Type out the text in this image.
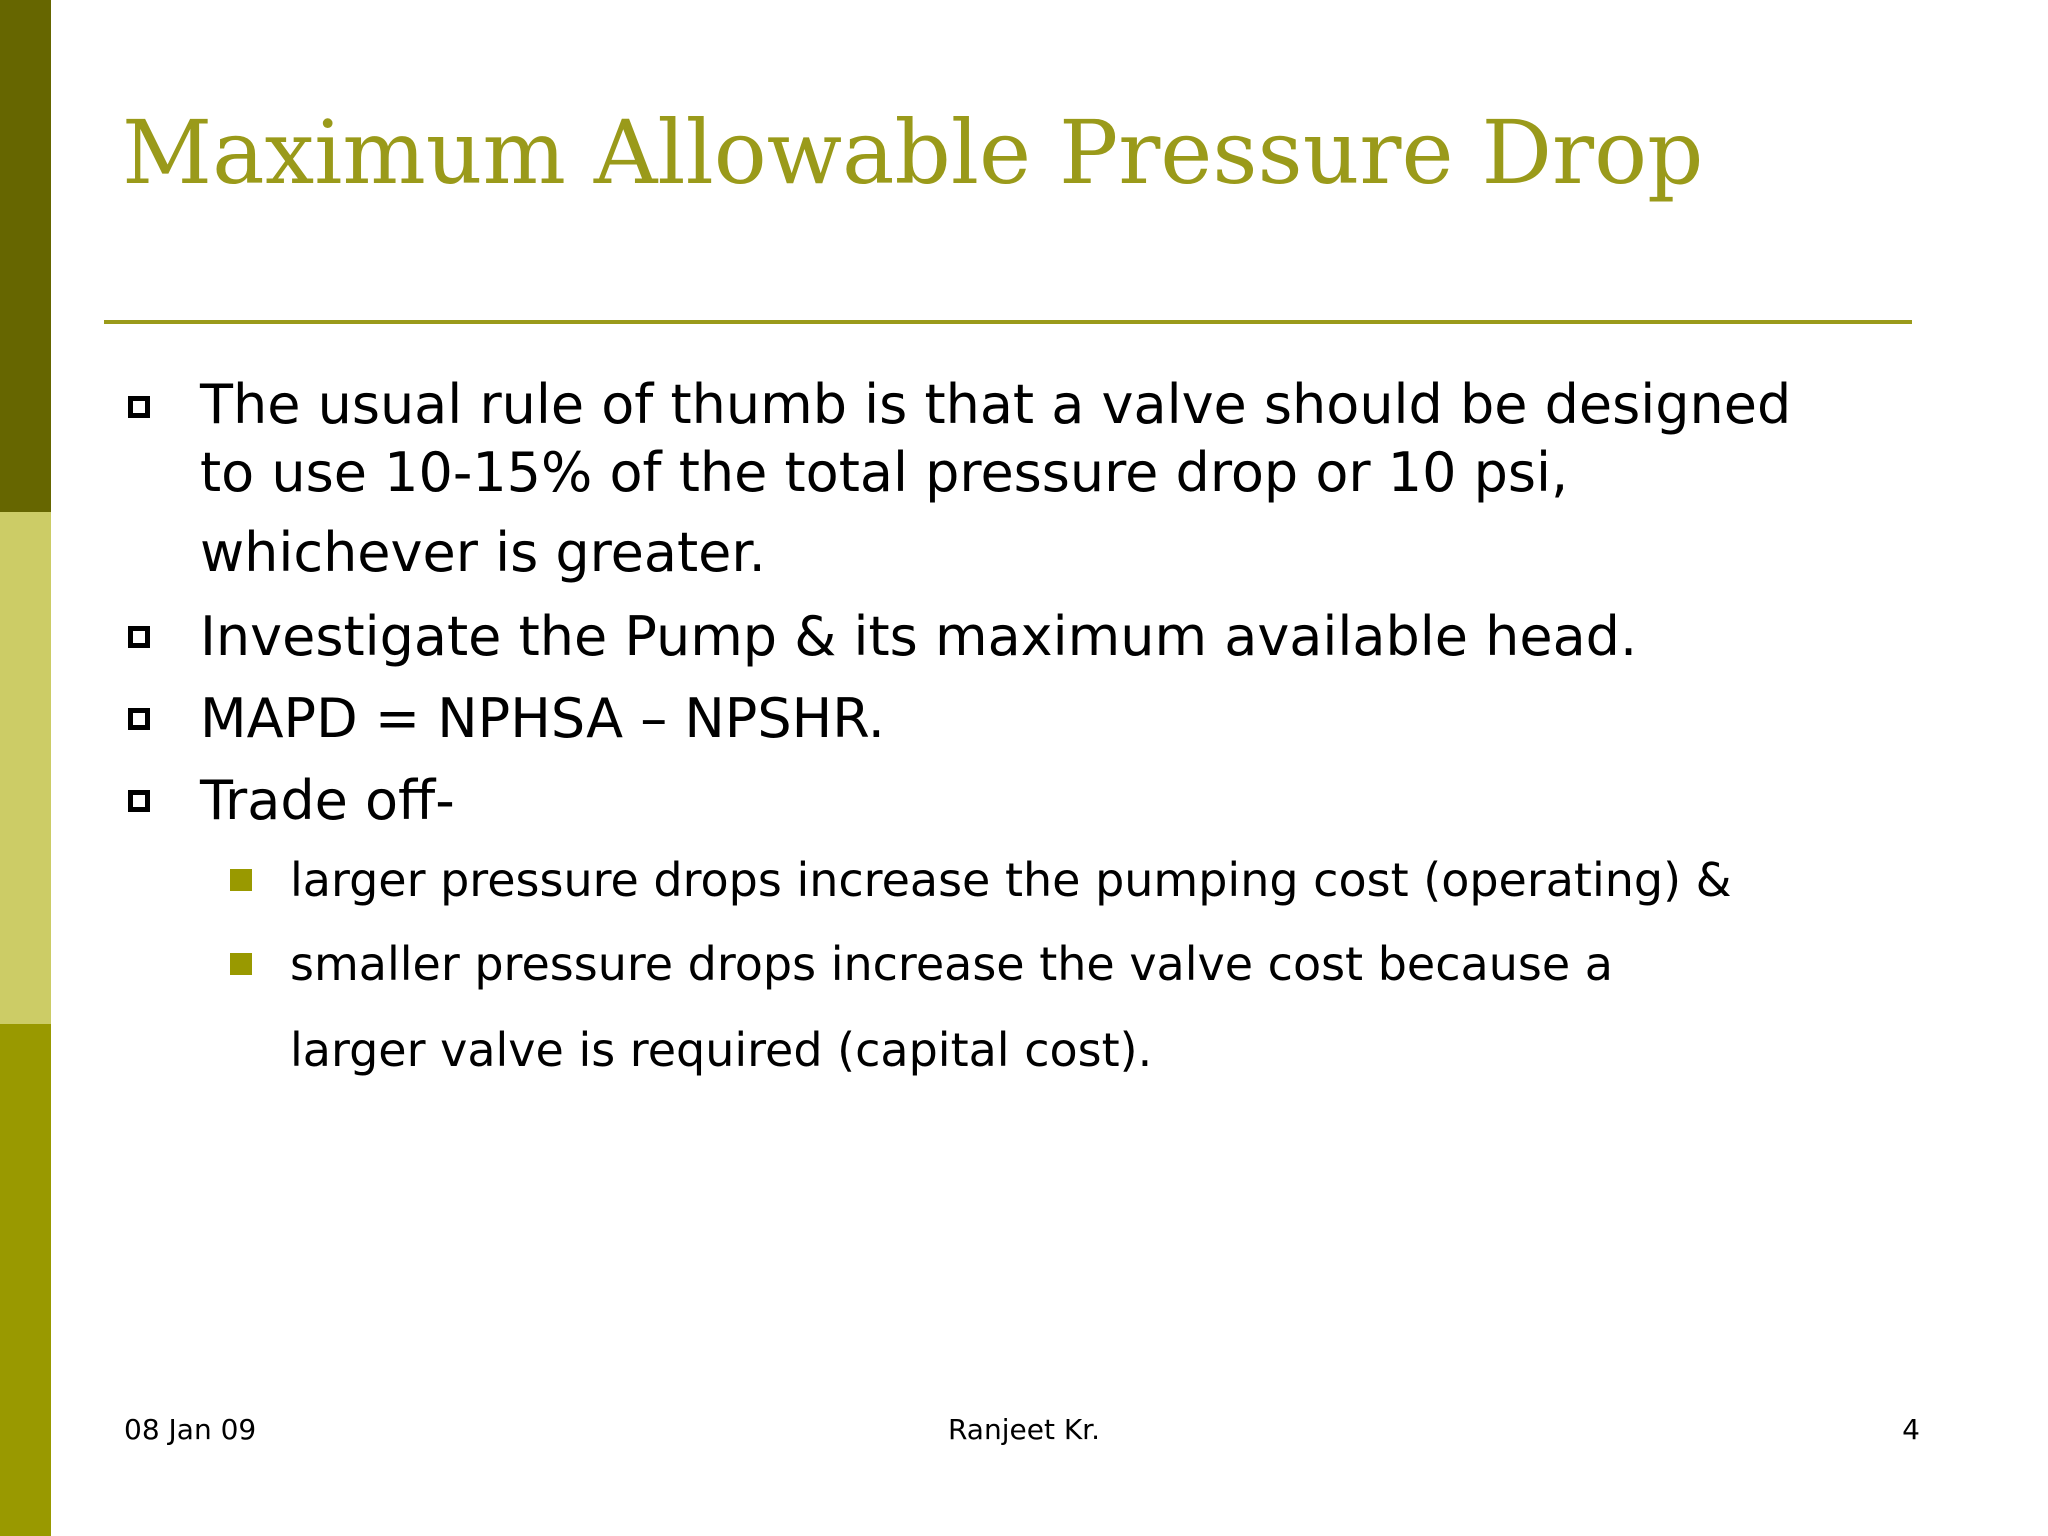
Maximum Allowable Pressure Drop
The usual rule of thumb is that a valve should be designed
to use 10-15% of the total pressure drop or 10 psi,
whichever is greater.
Investigate the Pump & its maximum available head.
MAPD = NPHSA – NPSHR.
Trade off-
larger pressure drops increase the pumping cost (operating) &
smaller pressure drops increase the valve cost because a
larger valve is required (capital cost).
08 Jan 09	Ranjeet Kr.	4
